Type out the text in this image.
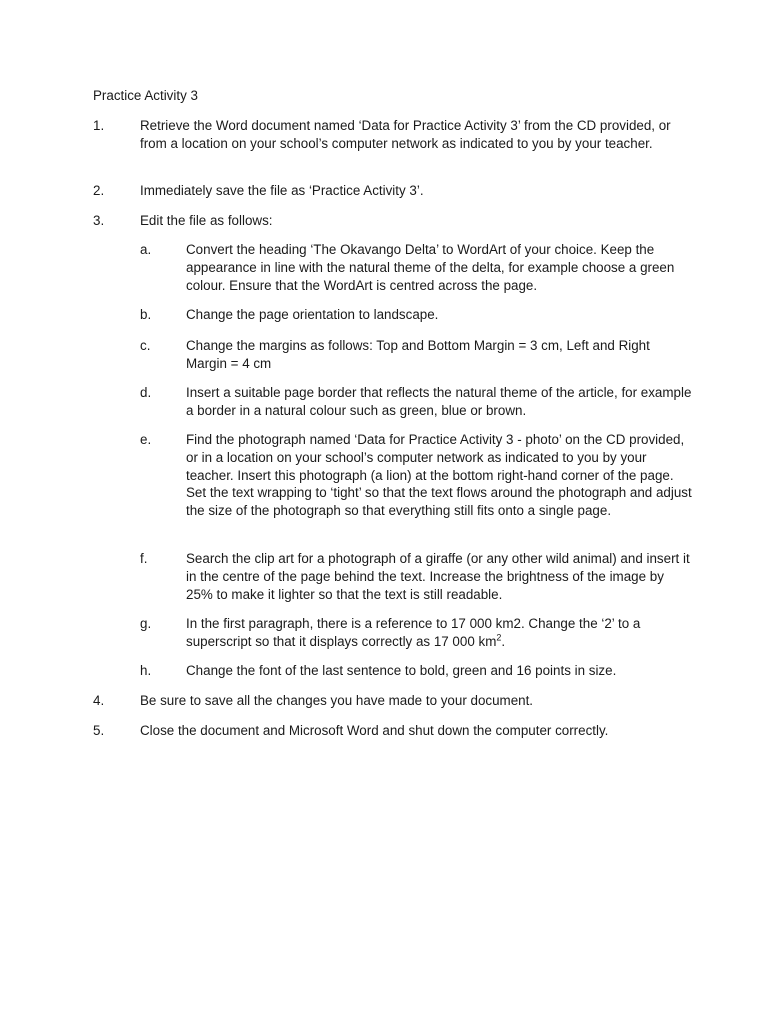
Practice Activity 3
1.	Retrieve the Word document named ‘Data for Practice Activity 3’ from the CD provided, or from a location on your school’s computer network as indicated to you by your teacher.
2.	Immediately save the file as ‘Practice Activity 3’.
3.	Edit the file as follows:
a.	Convert the heading ‘The Okavango Delta’ to WordArt of your choice. Keep the appearance in line with the natural theme of the delta, for example choose a green colour. Ensure that the WordArt is centred across the page.
b.	Change the page orientation to landscape.
c.	Change the margins as follows: Top and Bottom Margin = 3 cm, Left and Right Margin = 4 cm
d.	Insert a suitable page border that reflects the natural theme of the article, for example a border in a natural colour such as green, blue or brown.
e.	Find the photograph named ‘Data for Practice Activity 3 - photo’ on the CD provided, or in a location on your school’s computer network as indicated to you by your teacher. Insert this photograph (a lion) at the bottom right-hand corner of the page. Set the text wrapping to ‘tight’ so that the text flows around the photograph and adjust the size of the photograph so that everything still fits onto a single page.
f.	Search the clip art for a photograph of a giraffe (or any other wild animal) and insert it in the centre of the page behind the text. Increase the brightness of the image by 25% to make it lighter so that the text is still readable.
g.	In the first paragraph, there is a reference to 17 000 km2. Change the ‘2’ to a superscript so that it displays correctly as 17 000 $km^2$.
h.	Change the font of the last sentence to bold, green and 16 points in size.
4.	Be sure to save all the changes you have made to your document.
5.	Close the document and Microsoft Word and shut down the computer correctly.
